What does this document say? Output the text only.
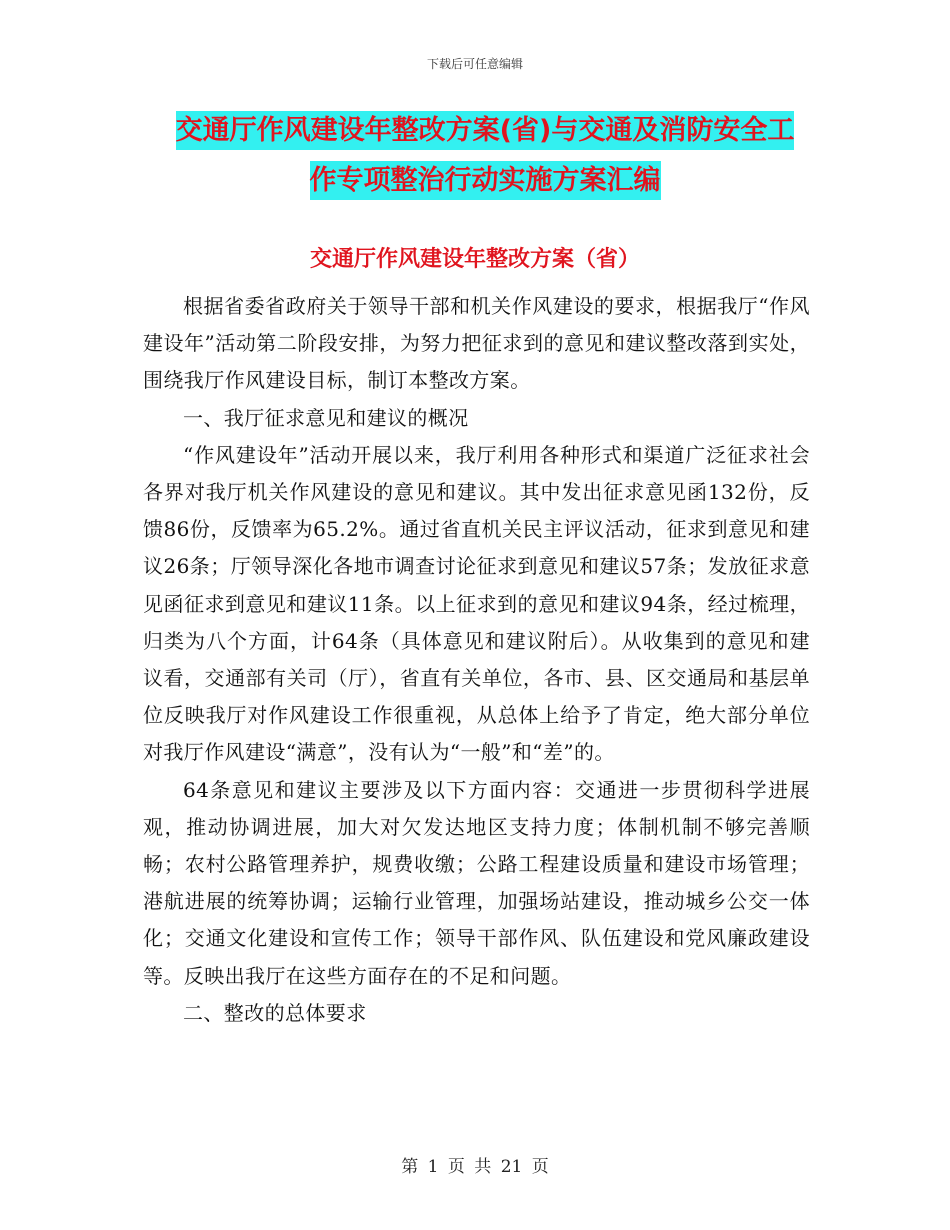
下载后可任意编辑
交通厅作风建设年整改方案(省)与交通及消防安全工
作专项整治行动实施方案汇编
交通厅作风建设年整改方案（省）

根据省委省政府关于领导干部和机关作风建设的要求，根据我厅“作风建设年”活动第二阶段安排，为努力把征求到的意见和建议整改落到实处，围绕我厅作风建设目标，制订本整改方案。

一、我厅征求意见和建议的概况

“作风建设年”活动开展以来，我厅利用各种形式和渠道广泛征求社会各界对我厅机关作风建设的意见和建议。其中发出征求意见函132份，反馈86份，反馈率为65.2%。通过省直机关民主评议活动，征求到意见和建议26条；厅领导深化各地市调查讨论征求到意见和建议57条；发放征求意见函征求到意见和建议11条。以上征求到的意见和建议94条，经过梳理，归类为八个方面，计64条（具体意见和建议附后）。从收集到的意见和建议看，交通部有关司（厅），省直有关单位，各市、县、区交通局和基层单位反映我厅对作风建设工作很重视，从总体上给予了肯定，绝大部分单位对我厅作风建设“满意”，没有认为“一般”和“差”的。

64条意见和建议主要涉及以下方面内容：交通进一步贯彻科学进展观，推动协调进展，加大对欠发达地区支持力度；体制机制不够完善顺畅；农村公路管理养护，规费收缴；公路工程建设质量和建设市场管理；港航进展的统筹协调；运输行业管理，加强场站建设，推动城乡公交一体化；交通文化建设和宣传工作；领导干部作风、队伍建设和党风廉政建设等。反映出我厅在这些方面存在的不足和问题。

二、整改的总体要求

第 1 页 共 21 页
